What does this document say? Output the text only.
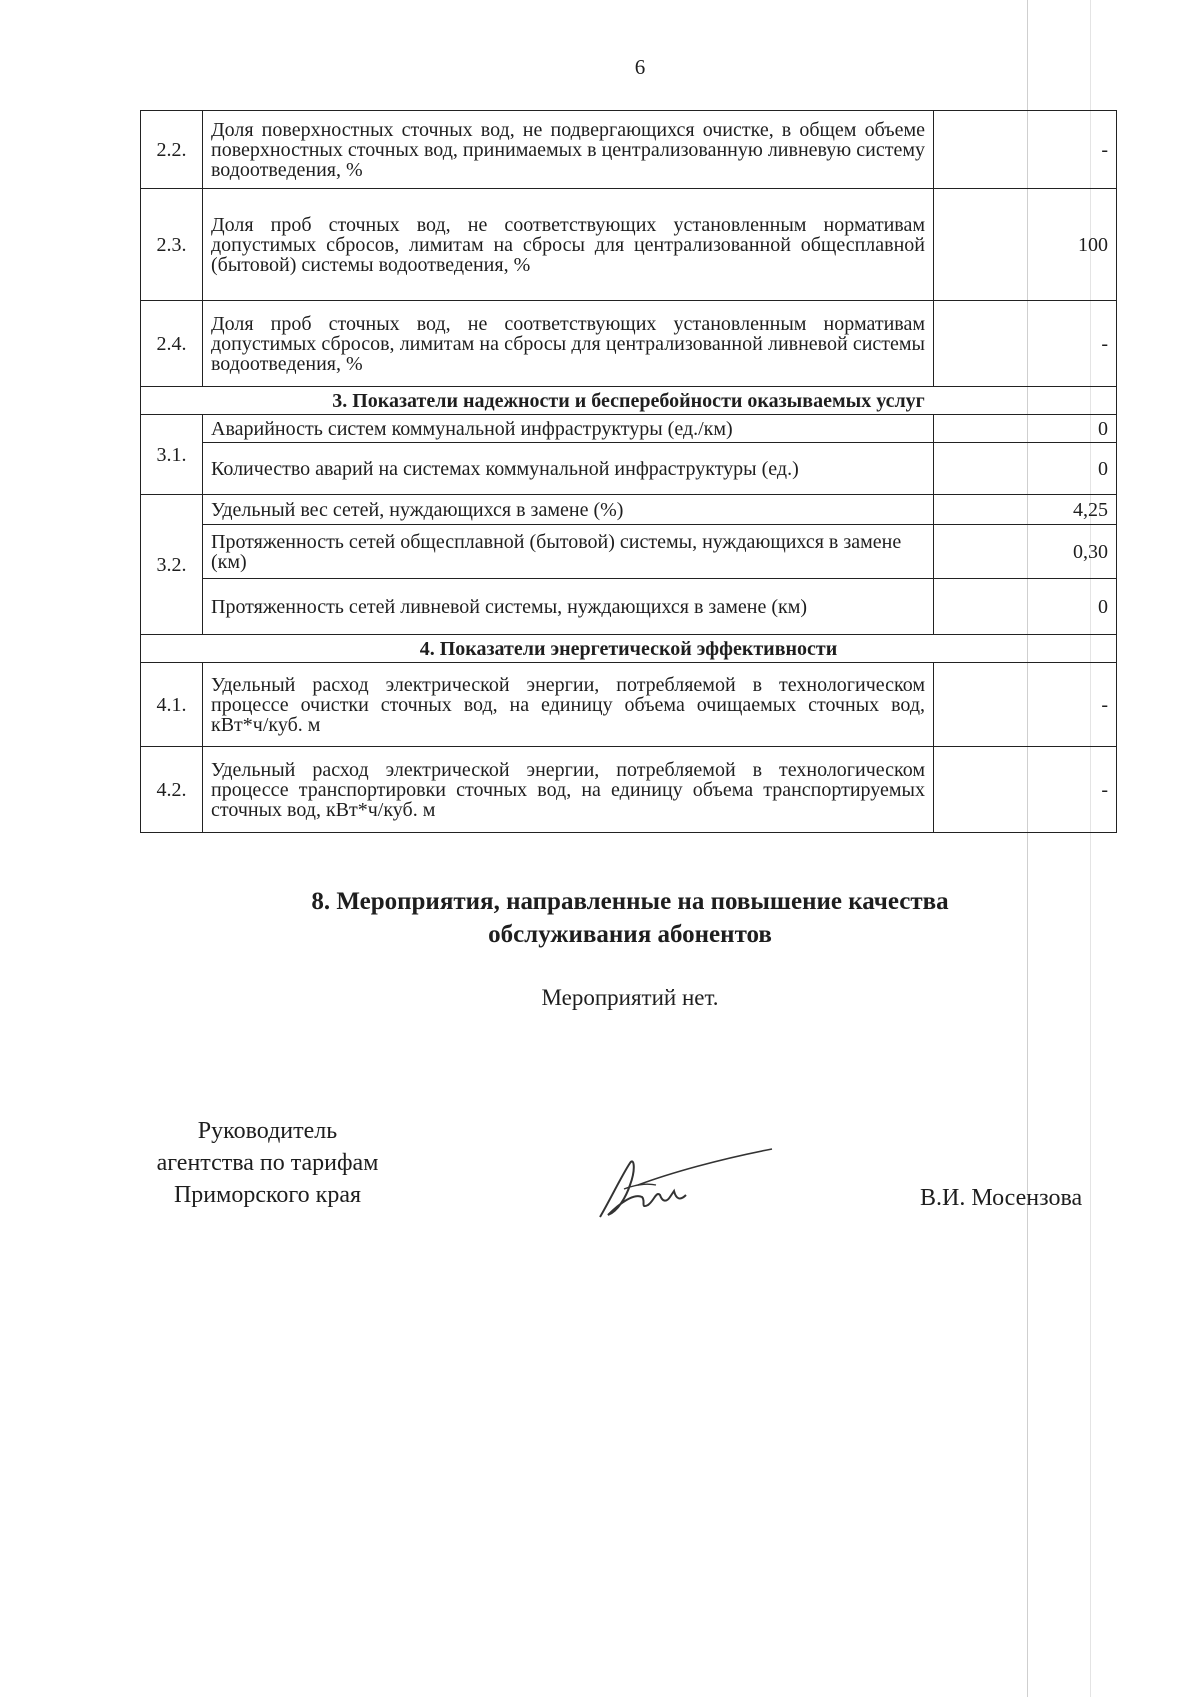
6
2.2.	Доля поверхностных сточных вод, не подвергающихся очистке, в общем объеме поверхностных сточных вод, принимаемых в централизованную ливневую систему водоотведения, %	-
2.3.	Доля проб сточных вод, не соответствующих установленным нормативам допустимых сбросов, лимитам на сбросы для централизованной общесплавной (бытовой) системы водоотведения, %	100
2.4.	Доля проб сточных вод, не соответствующих установленным нормативам допустимых сбросов, лимитам на сбросы для централизованной ливневой системы водоотведения, %	-
3. Показатели надежности и бесперебойности оказываемых услуг		
3.1.	Аварийность систем коммунальной инфраструктуры (ед./км)	0
	Количество аварий на системах коммунальной инфраструктуры (ед.)	0
3.2.	Удельный вес сетей, нуждающихся в замене (%)	4,25
	Протяженность сетей общесплавной (бытовой) системы, нуждающихся в замене (км)	0,30
	Протяженность сетей ливневой системы, нуждающихся в замене (км)	0
4. Показатели энергетической эффективности		
4.1.	Удельный расход электрической энергии, потребляемой в технологическом процессе очистки сточных вод, на единицу объема очищаемых сточных вод, кВт*ч/куб. м	-
4.2.	Удельный расход электрической энергии, потребляемой в технологическом процессе транспортировки сточных вод, на единицу объема транспортируемых сточных вод, кВт*ч/куб. м	-
8. Мероприятия, направленные на повышение качества обслуживания абонентов
Мероприятий нет.
Руководитель
агентства по тарифам
Приморского края	В.И. Мосензова
